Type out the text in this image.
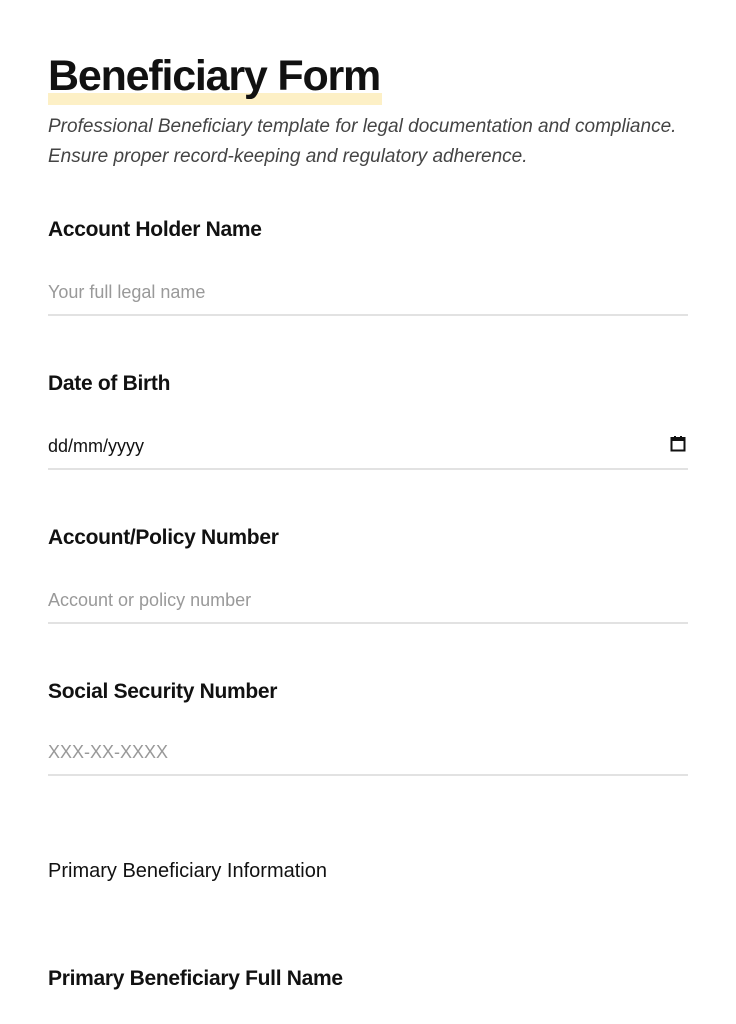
Beneficiary Form

Professional Beneficiary template for legal documentation and compliance. Ensure proper record-keeping and regulatory adherence.

Account Holder Name
Your full legal name
Date of Birth
dd/mm/yyyy
Account/Policy Number
Account or policy number
Social Security Number
XXX-XX-XXXX
Primary Beneficiary Information
Primary Beneficiary Full Name
